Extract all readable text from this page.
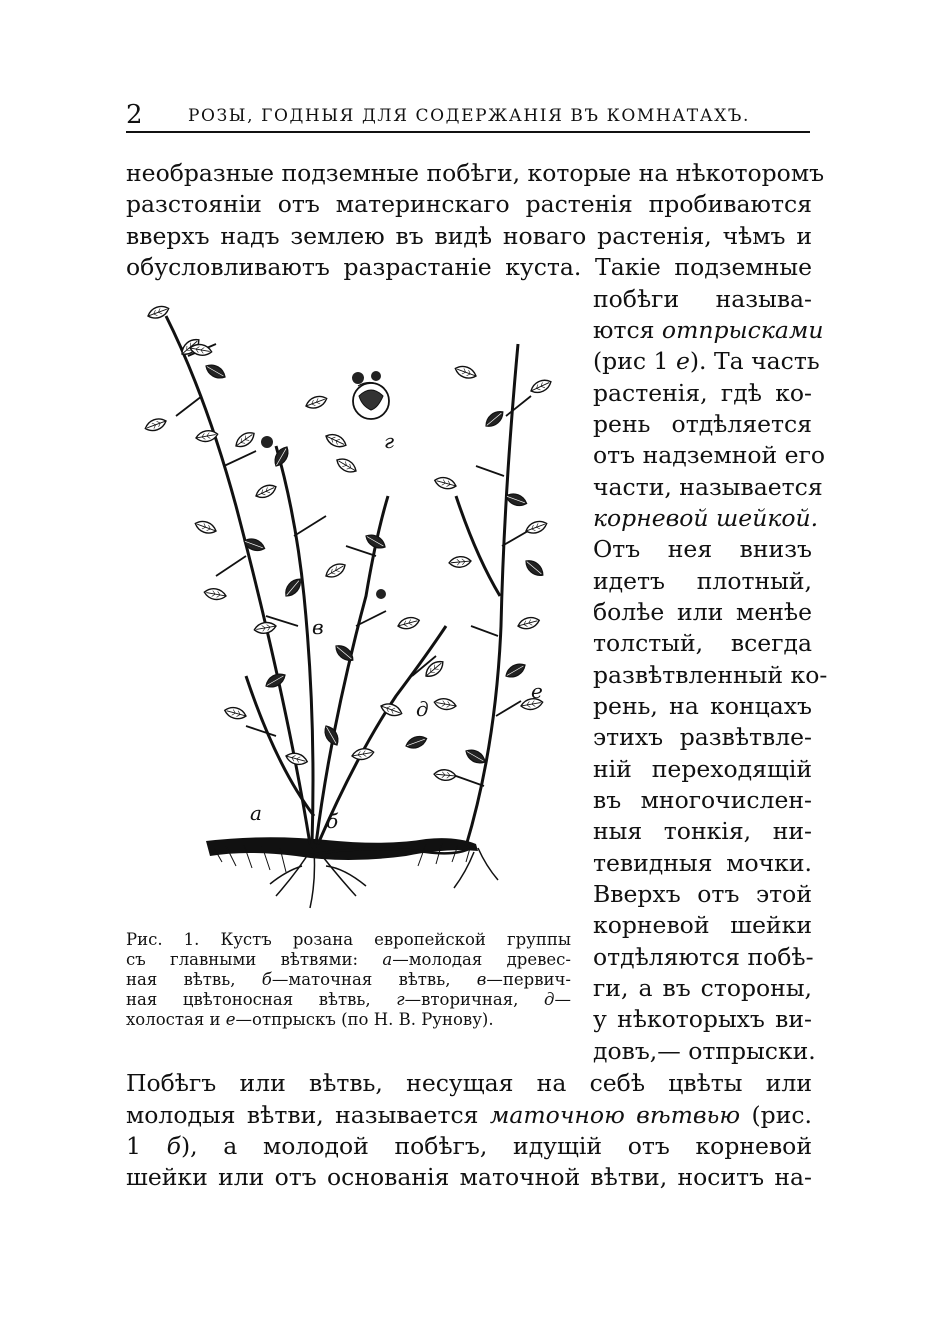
2	РОЗЫ, ГОДНЫЯ ДЛЯ СОДЕРЖАНІЯ ВЪ КОМНАТАХЪ.
необразные подземные побѣги, которые на нѣкоторомъ
разстояніи отъ материнскаго растенія пробиваются
вверхъ надъ землею въ видѣ новаго растенія, чѣмъ и
обусловливаютъ разрастаніе куста. Такіе подземные
побѣги называ-
ются отпрысками
(рис 1 е). Та часть
растенія, гдѣ ко-
рень отдѣляется
отъ надземной его
части, называется
корневой шейкой.
Отъ нея внизъ
идетъ плотный,
болѣе или менѣе
толстый, всегда
развѣтвленный ко-
рень, на концахъ
этихъ развѣтвле-
ній переходящій
въ многочислен-
ныя тонкія, ни-
тевидныя мочки.
Вверхъ отъ этой
корневой шейки
отдѣляются побѣ-
ги, а въ стороны,
у нѣкоторыхъ ви-
довъ,— отпрыски.
а	б
в
г
д
е
Рис. 1. Кустъ розана европейской группы
съ главными вѣтвями: а—молодая древес-
ная вѣтвь, б—маточная вѣтвь, в—первич-
ная цвѣтоносная вѣтвь, г—вторичная, д—
холостая и е—отпрыскъ (по Н. В. Рунову).
Побѣгъ или вѣтвь, несущая на себѣ цвѣты или
молодыя вѣтви, называется маточною вѣтвью (рис.
1 б), а молодой побѣгъ, идущій отъ корневой
шейки или отъ основанія маточной вѣтви, носитъ на-
